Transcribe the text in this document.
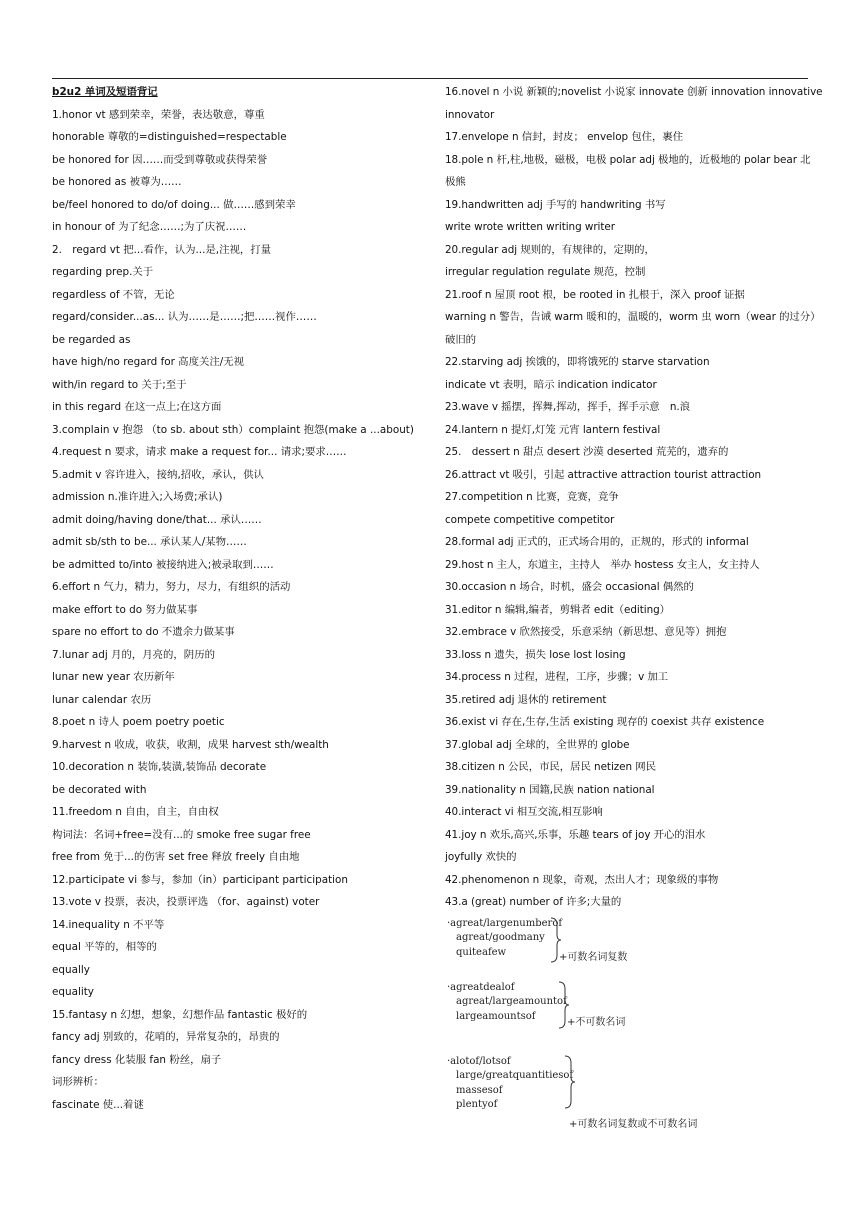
b2u2 单词及短语背记
1.honor vt 感到荣幸，荣誉，表达敬意，尊重
honorable 尊敬的=distinguished=respectable
be honored for 因……而受到尊敬或获得荣誉
be honored as 被尊为……
be/feel honored to do/of doing... 做……感到荣幸
in honour of 为了纪念……;为了庆祝……
2.　regard vt 把...看作，认为...是,注视，打量
regarding prep.关于
regardless of 不管，无论
regard/consider...as... 认为……是……;把……视作……
be regarded as
have high/no regard for 高度关注/无视
with/in regard to 关于;至于
in this regard 在这一点上;在这方面
3.complain v 抱怨 （to sb. about sth）complaint 抱怨(make a ...about)
4.request n 要求，请求 make a request for... 请求;要求……
5.admit v 容许进入，接纳,招收，承认，供认
admission n.准许进入;入场费;承认)
admit doing/having done/that... 承认……
admit sb/sth to be... 承认某人/某物……
be admitted to/into 被接纳进入;被录取到……
6.effort n 气力，精力，努力，尽力，有组织的活动
make effort to do 努力做某事
spare no effort to do 不遗余力做某事
7.lunar adj 月的，月亮的，阴历的
lunar new year 农历新年
lunar calendar 农历
8.poet n 诗人 poem poetry poetic
9.harvest n 收成，收获，收割，成果 harvest sth/wealth
10.decoration n 装饰,装潢,装饰品 decorate
be decorated with
11.freedom n 自由，自主，自由权
构词法：名词+free=没有...的 smoke free sugar free
free from 免于...的伤害 set free 释放 freely 自由地
12.participate vi 参与，参加（in）participant participation
13.vote v 投票，表决，投票评选 （for、against) voter
14.inequality n 不平等
equal 平等的，相等的
equally
equality
15.fantasy n 幻想，想象，幻想作品 fantastic 极好的
fancy adj 别致的，花哨的，异常复杂的，昂贵的
fancy dress 化装服 fan 粉丝，扇子
词形辨析：
fascinate 使...着谜
16.novel n 小说 新颖的;novelist 小说家 innovate 创新 innovation innovative
innovator
17.envelope n 信封，封皮； envelop 包住，裹住
18.pole n 杆,柱,地极，磁极，电极 polar adj 极地的，近极地的 polar bear 北
极熊
19.handwritten adj 手写的 handwriting 书写
write wrote written writing writer
20.regular adj 规则的，有规律的，定期的，
irregular regulation regulate 规范，控制
21.roof n 屋顶 root 根，be rooted in 扎根于，深入 proof 证据
warning n 警告，告诫 warm 暖和的，温暖的，worm 虫 worn（wear 的过分）
破旧的
22.starving adj 挨饿的，即将饿死的 starve starvation
indicate vt 表明，暗示 indication indicator
23.wave v 摇摆，挥舞,挥动，挥手，挥手示意　n.浪
24.lantern n 提灯,灯笼 元宵 lantern festival
25.　dessert n 甜点 desert 沙漠 deserted 荒芜的，遗弃的
26.attract vt 吸引，引起 attractive attraction tourist attraction
27.competition n 比赛，竞赛，竞争
compete competitive competitor
28.formal adj 正式的，正式场合用的，正规的，形式的 informal
29.host n 主人，东道主，主持人　举办 hostess 女主人，女主持人
30.occasion n 场合，时机，盛会 occasional 偶然的
31.editor n 编辑,编者，剪辑者 edit（editing）
32.embrace v 欣然接受，乐意采纳（新思想、意见等）拥抱
33.loss n 遗失，损失 lose lost losing
34.process n 过程，进程，工序，步骤；v 加工
35.retired adj 退休的 retirement
36.exist vi 存在,生存,生活 existing 现存的 coexist 共存 existence
37.global adj 全球的，全世界的 globe
38.citizen n 公民，市民，居民 netizen 网民
39.nationality n 国籍,民族 nation national
40.interact vi 相互交流,相互影响
41.joy n 欢乐,高兴,乐事，乐趣 tears of joy 开心的泪水
joyfully 欢快的
42.phenomenon n 现象，奇观，杰出人才；现象级的事物
43.a (great) number of 许多;大量的
·agreat/largenumberof
agreat/goodmany
quiteafew	+可数名词复数
·agreatdealof
agreat/largeamountof
largeamountsof
+不可数名词
·alotof/lotsof
large/greatquantitiesof
massesof
plentyof
+可数名词复数或不可数名词
